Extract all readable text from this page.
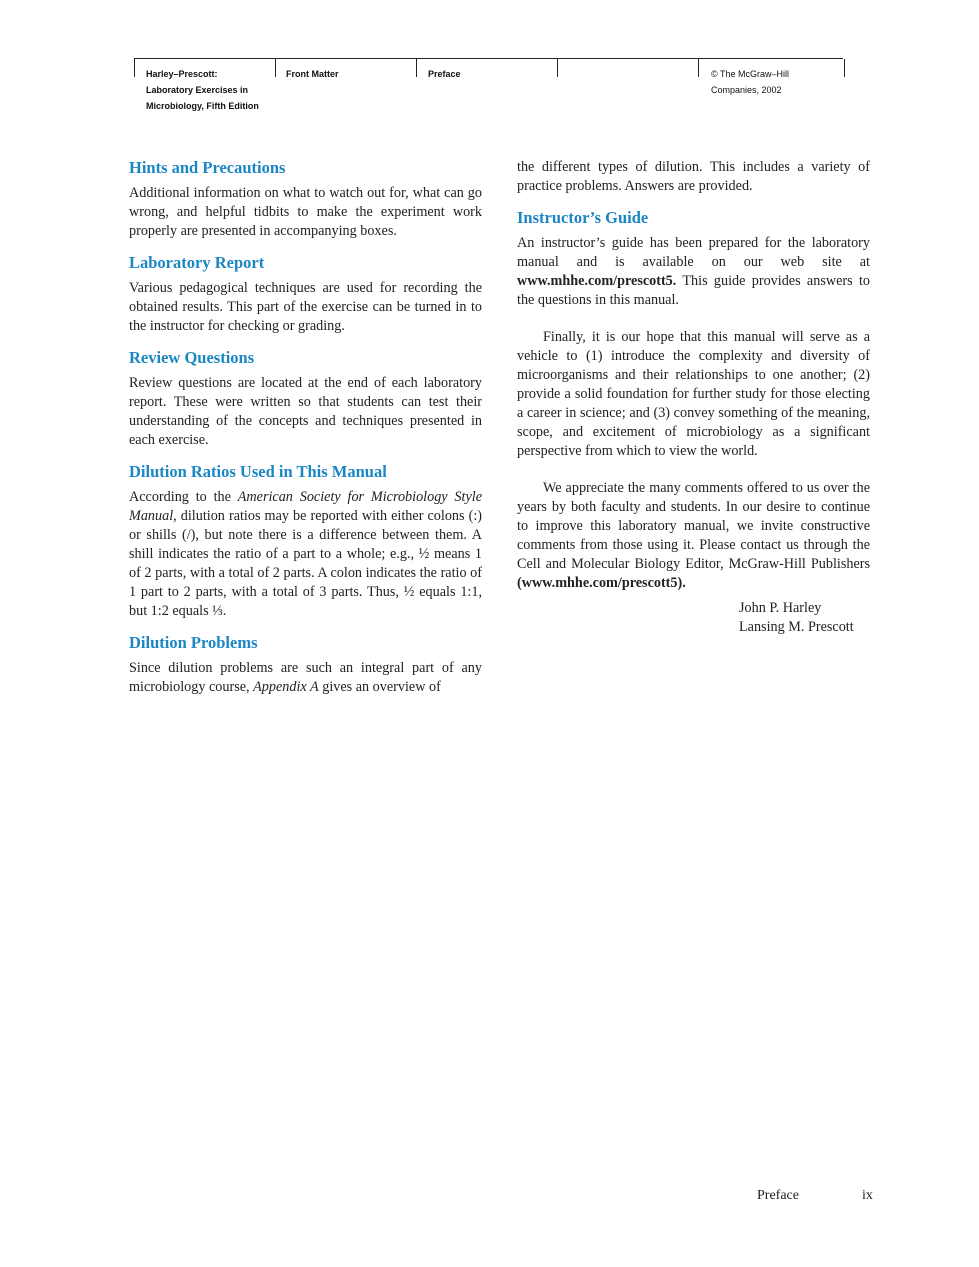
Harley–Prescott:
Laboratory Exercises in
Microbiology, Fifth Edition
Front Matter	Preface	© The McGraw–Hill
Companies, 2002
Hints and Precautions

Additional information on what to watch out for, what can go wrong, and helpful tidbits to make the experiment work properly are presented in accompanying boxes.

Laboratory Report

Various pedagogical techniques are used for recording the obtained results. This part of the exercise can be turned in to the instructor for checking or grading.

Review Questions

Review questions are located at the end of each laboratory report. These were written so that students can test their understanding of the concepts and techniques presented in each exercise.

Dilution Ratios Used in This Manual

According to the American Society for Microbiology Style Manual, dilution ratios may be reported with either colons (:) or shills (/), but note there is a difference between them. A shill indicates the ratio of a part to a whole; e.g., ½ means 1 of 2 parts, with a total of 2 parts. A colon indicates the ratio of 1 part to 2 parts, with a total of 3 parts. Thus, ½ equals 1:1, but 1:2 equals ⅓.

Dilution Problems

Since dilution problems are such an integral part of any microbiology course, Appendix A gives an overview of

the different types of dilution. This includes a variety of practice problems. Answers are provided.

Instructor’s Guide

An instructor’s guide has been prepared for the laboratory manual and is available on our web site at www.mhhe.com/prescott5. This guide provides answers to the questions in this manual.

Finally, it is our hope that this manual will serve as a vehicle to (1) introduce the complexity and diversity of microorganisms and their relationships to one another; (2) provide a solid foundation for further study for those electing a career in science; and (3) convey something of the meaning, scope, and excitement of microbiology as a significant perspective from which to view the world.

We appreciate the many comments offered to us over the years by both faculty and students. In our desire to continue to improve this laboratory manual, we invite constructive comments from those using it. Please contact us through the Cell and Molecular Biology Editor, McGraw-Hill Publishers (www.mhhe.com/prescott5).

John P. Harley
Lansing M. Prescott
Preface	ix
